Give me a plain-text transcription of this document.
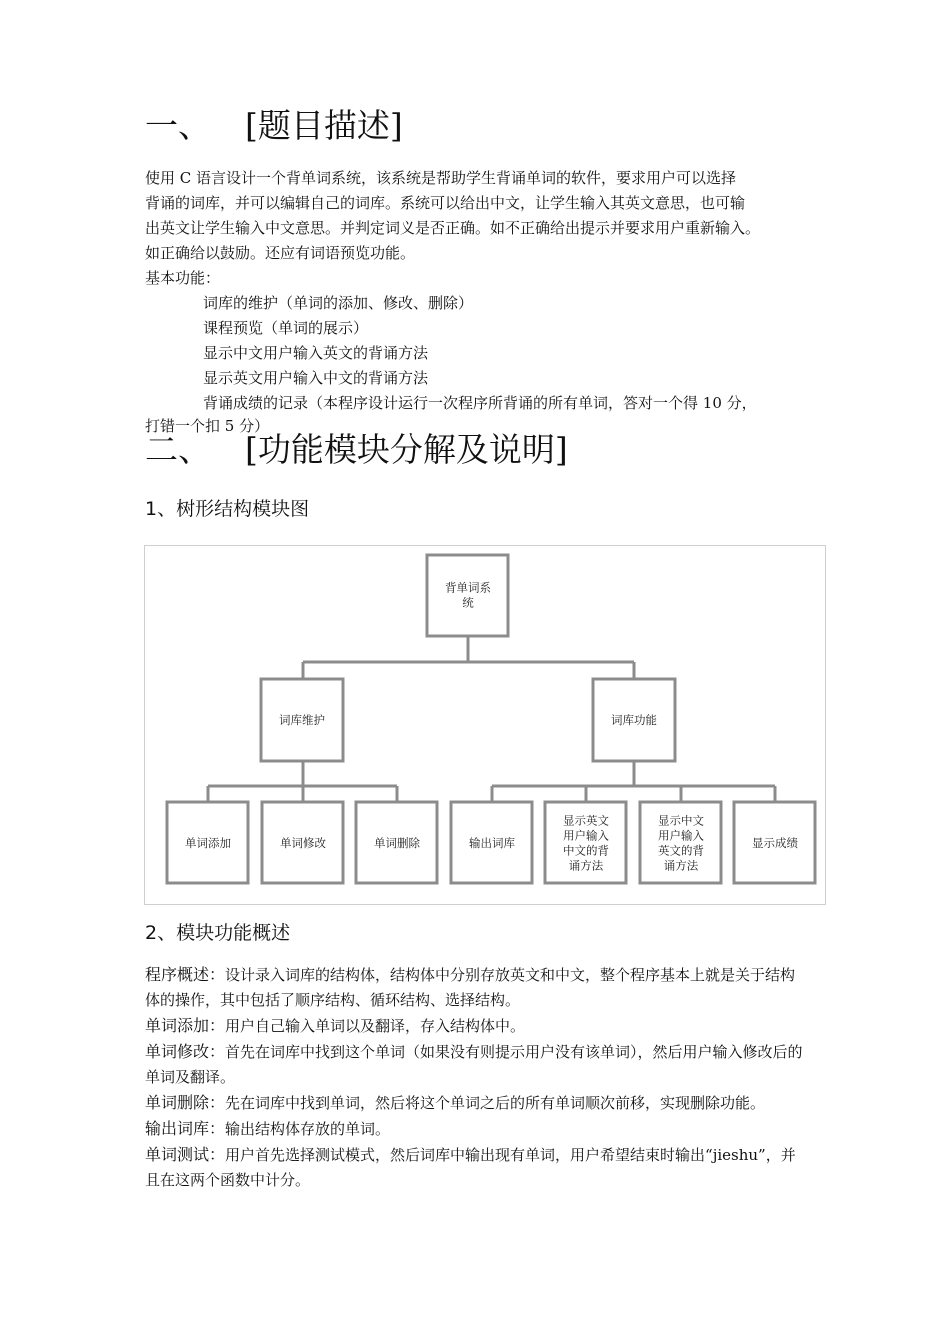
一、 [题目描述]
使用 C 语言设计一个背单词系统，该系统是帮助学生背诵单词的软件，要求用户可以选择
背诵的词库，并可以编辑自己的词库。系统可以给出中文，让学生输入其英文意思，也可输
出英文让学生输入中文意思。并判定词义是否正确。如不正确给出提示并要求用户重新输入。
如正确给以鼓励。还应有词语预览功能。
基本功能：
词库的维护（单词的添加、修改、删除）
课程预览（单词的展示）
显示中文用户输入英文的背诵方法
显示英文用户输入中文的背诵方法
背诵成绩的记录（本程序设计运行一次程序所背诵的所有单词，答对一个得 10 分，
打错一个扣 5 分）
二、 [功能模块分解及说明]
1、树形结构模块图
背单词系
统
词库维护	词库功能
单词添加	单词修改	单词删除	输出词库
显示英文
用户输入
中文的背
诵方法
显示中文
用户输入
英文的背
诵方法
显示成绩
2、模块功能概述
程序概述：设计录入词库的结构体，结构体中分别存放英文和中文，整个程序基本上就是关于结构体的操作，其中包括了顺序结构、循环结构、选择结构。
单词添加：用户自己输入单词以及翻译，存入结构体中。
单词修改：首先在词库中找到这个单词（如果没有则提示用户没有该单词），然后用户输入修改后的单词及翻译。
单词删除：先在词库中找到单词，然后将这个单词之后的所有单词顺次前移，实现删除功能。
输出词库：输出结构体存放的单词。
单词测试：用户首先选择测试模式，然后词库中输出现有单词，用户希望结束时输出“jieshu”，并且在这两个函数中计分。
